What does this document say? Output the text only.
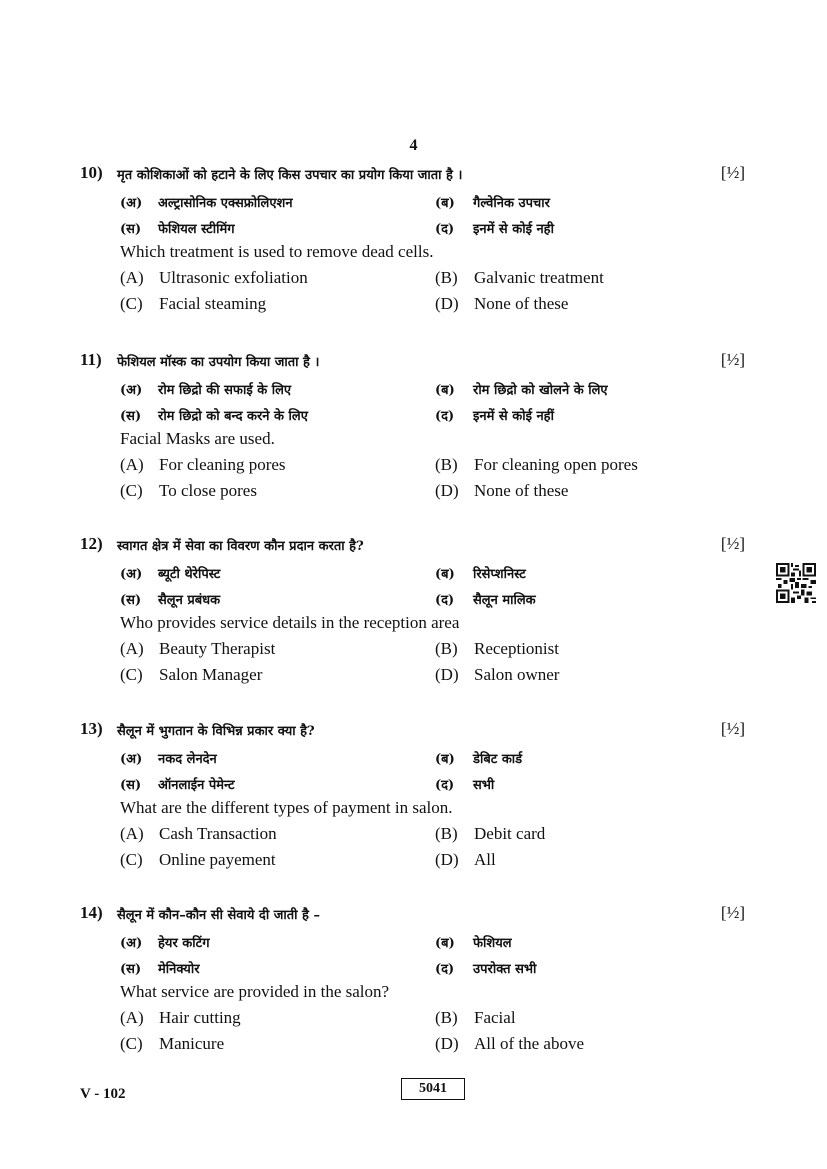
4
10) मृत कोशिकाओं को हटाने के लिए किस उपचार का प्रयोग किया जाता है ।	[½]
(अ) अल्ट्रासोनिक एक्सफ्रोलिएशन	(ब) गैल्वेनिक उपचार
(स) फेशियल स्टीमिंग	(द) इनमें से कोई नही
Which treatment is used to remove dead cells.
(A) Ultrasonic exfoliation	(B) Galvanic treatment
(C) Facial steaming	(D) None of these
11) फेशियल मॉस्क का उपयोग किया जाता है ।	[½]
(अ) रोम छिद्रो की सफाई के लिए	(ब) रोम छिद्रो को खोलने के लिए
(स) रोम छिद्रो को बन्द करने के लिए	(द) इनमें से कोई नहीं
Facial Masks are used.
(A) For cleaning pores	(B) For cleaning open pores
(C) To close pores	(D) None of these
12) स्वागत क्षेत्र में सेवा का विवरण कौन प्रदान करता है?	[½]
(अ) ब्यूटी थेरेपिस्ट	(ब) रिसेप्शनिस्ट
(स) सैलून प्रबंधक	(द) सैलून मालिक
Who provides service details in the reception area
(A) Beauty Therapist	(B) Receptionist
(C) Salon Manager	(D) Salon owner
13) सैलून में भुगतान के विभिन्न प्रकार क्या है?	[½]
(अ) नकद लेनदेन	(ब) डेबिट कार्ड
(स) ऑनलाईन पेमेन्ट	(द) सभी
What are the different types of payment in salon.
(A) Cash Transaction	(B) Debit card
(C) Online payement	(D) All
14) सैलून में कौन–कौन सी सेवाये दी जाती है –	[½]
(अ) हेयर कटिंग	(ब) फेशियल
(स) मेनिक्योर	(द) उपरोक्त सभी
What service are provided in the salon?
(A) Hair cutting	(B) Facial
(C) Manicure	(D) All of the above
V - 102	5041
